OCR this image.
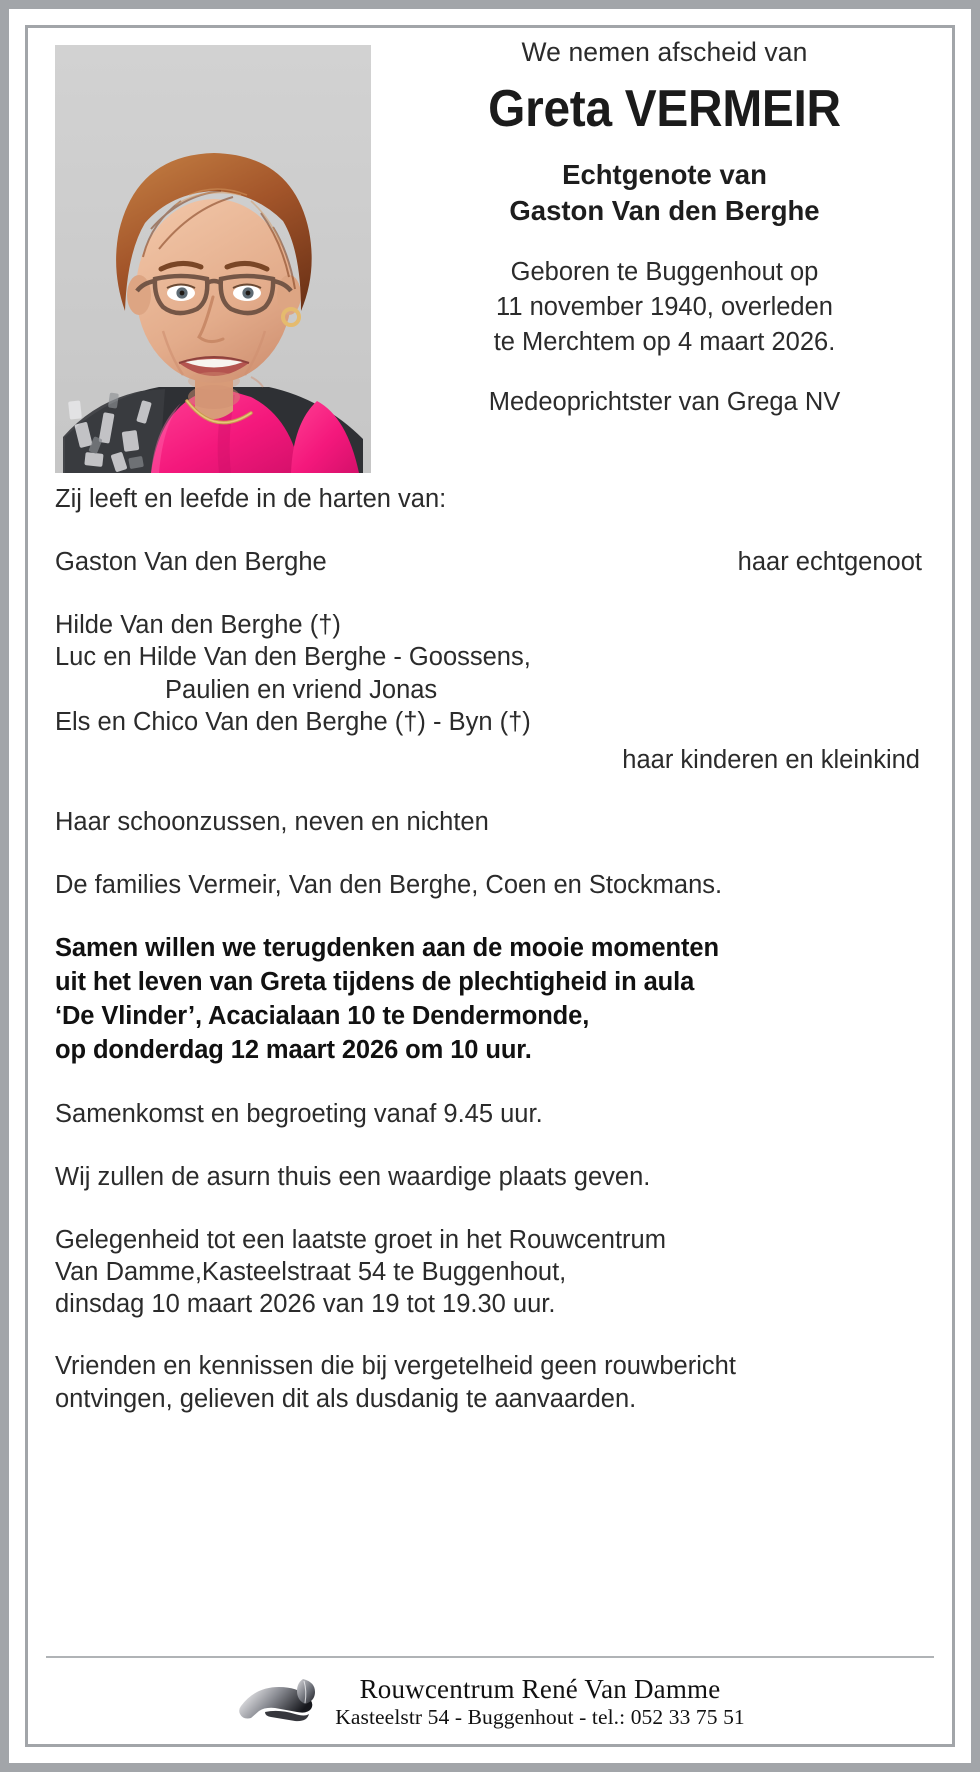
We nemen afscheid van
Greta VERMEIR
Echtgenote van
Gaston Van den Berghe
Geboren te Buggenhout op
11 november 1940, overleden
te Merchtem op 4 maart 2026.
Medeoprichtster van Grega NV

Zij leeft en leefde in de harten van:

Gaston Van den Berghe	haar echtgenoot
Hilde Van den Berghe (†)
Luc en Hilde Van den Berghe - Goossens,
Paulien en vriend Jonas
Els en Chico Van den Berghe (†) - Byn (†)
haar kinderen en kleinkind

Haar schoonzussen, neven en nichten

De families Vermeir, Van den Berghe, Coen en Stockmans.

Samen willen we terugdenken aan de mooie momenten
uit het leven van Greta tijdens de plechtigheid in aula
‘De Vlinder’, Acacialaan 10 te Dendermonde,
op donderdag 12 maart 2026 om 10 uur.

Samenkomst en begroeting vanaf 9.45 uur.

Wij zullen de asurn thuis een waardige plaats geven.

Gelegenheid tot een laatste groet in het Rouwcentrum
Van Damme,Kasteelstraat 54 te Buggenhout,
dinsdag 10 maart 2026 van 19 tot 19.30 uur.
Vrienden en kennissen die bij vergetelheid geen rouwbericht
ontvingen, gelieven dit als dusdanig te aanvaarden.
Rouwcentrum René Van Damme
Kasteelstr 54 - Buggenhout - tel.: 052 33 75 51
